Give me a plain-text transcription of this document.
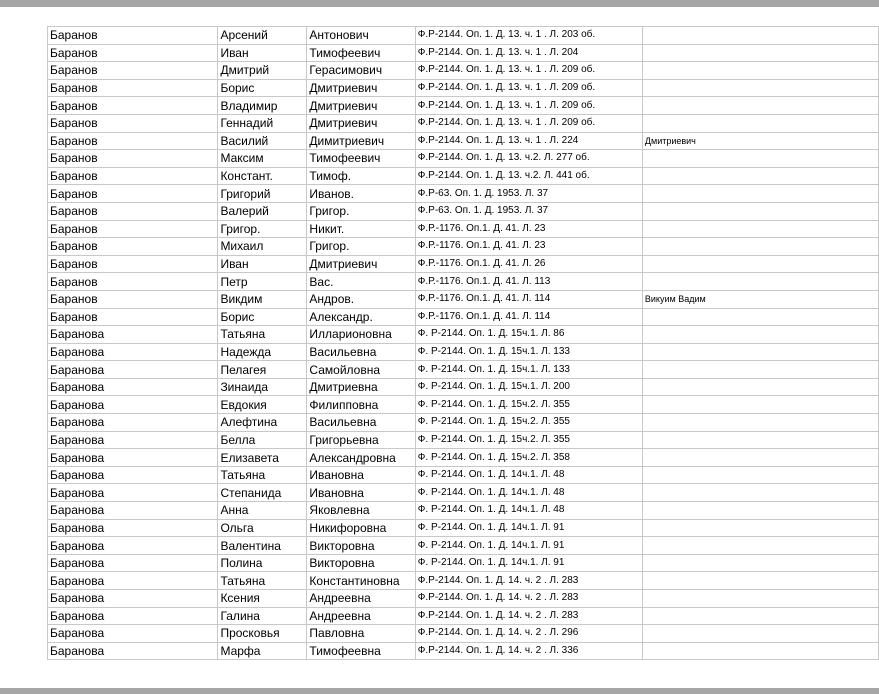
Баранов	Арсений	Антонович	Ф.Р-2144. Оп. 1. Д. 13. ч. 1 . Л. 203 об.	
Баранов	Иван	Тимофеевич	Ф.Р-2144. Оп. 1. Д. 13. ч. 1 . Л. 204	
Баранов	Дмитрий	Герасимович	Ф.Р-2144. Оп. 1. Д. 13. ч. 1 . Л. 209 об.	
Баранов	Борис	Дмитриевич	Ф.Р-2144. Оп. 1. Д. 13. ч. 1 . Л. 209 об.	
Баранов	Владимир	Дмитриевич	Ф.Р-2144. Оп. 1. Д. 13. ч. 1 . Л. 209 об.	
Баранов	Геннадий	Дмитриевич	Ф.Р-2144. Оп. 1. Д. 13. ч. 1 . Л. 209 об.	
Баранов	Василий	Димитриевич	Ф.Р-2144. Оп. 1. Д. 13. ч. 1 . Л. 224	Дмитриевич
Баранов	Максим	Тимофеевич	Ф.Р-2144. Оп. 1. Д. 13. ч.2. Л. 277 об.	
Баранов	Констант.	Тимоф.	Ф.Р-2144. Оп. 1. Д. 13. ч.2. Л. 441 об.	
Баранов	Григорий	Иванов.	Ф.Р-63. Оп. 1. Д. 1953. Л. 37	
Баранов	Валерий	Григор.	Ф.Р-63. Оп. 1. Д. 1953. Л. 37	
Баранов	Григор.	Никит.	Ф.Р.-1176. Оп.1. Д. 41. Л. 23	
Баранов	Михаил	Григор.	Ф.Р.-1176. Оп.1. Д. 41. Л. 23	
Баранов	Иван	Дмитриевич	Ф.Р.-1176. Оп.1. Д. 41. Л. 26	
Баранов	Петр	Вас.	Ф.Р.-1176. Оп.1. Д. 41. Л. 113	
Баранов	Викдим	Андров.	Ф.Р.-1176. Оп.1. Д. 41. Л. 114	Викуим Вадим
Баранов	Борис	Александр.	Ф.Р.-1176. Оп.1. Д. 41. Л. 114	
Баранова	Татьяна	Илларионовна	Ф. Р-2144. Оп. 1. Д. 15ч.1. Л. 86	
Баранова	Надежда	Васильевна	Ф. Р-2144. Оп. 1. Д. 15ч.1. Л. 133	
Баранова	Пелагея	Самойловна	Ф. Р-2144. Оп. 1. Д. 15ч.1. Л. 133	
Баранова	Зинаида	Дмитриевна	Ф. Р-2144. Оп. 1. Д. 15ч.1. Л. 200	
Баранова	Евдокия	Филипповна	Ф. Р-2144. Оп. 1. Д. 15ч.2. Л. 355	
Баранова	Алефтина	Васильевна	Ф. Р-2144. Оп. 1. Д. 15ч.2. Л. 355	
Баранова	Белла	Григорьевна	Ф. Р-2144. Оп. 1. Д. 15ч.2. Л. 355	
Баранова	Елизавета	Александровна	Ф. Р-2144. Оп. 1. Д. 15ч.2. Л. 358	
Баранова	Татьяна	Ивановна	Ф. Р-2144. Оп. 1. Д. 14ч.1. Л. 48	
Баранова	Степанида	Ивановна	Ф. Р-2144. Оп. 1. Д. 14ч.1. Л. 48	
Баранова	Анна	Яковлевна	Ф. Р-2144. Оп. 1. Д. 14ч.1. Л. 48	
Баранова	Ольга	Никифоровна	Ф. Р-2144. Оп. 1. Д. 14ч.1. Л. 91	
Баранова	Валентина	Викторовна	Ф. Р-2144. Оп. 1. Д. 14ч.1. Л. 91	
Баранова	Полина	Викторовна	Ф. Р-2144. Оп. 1. Д. 14ч.1. Л. 91	
Баранова	Татьяна	Константиновна	Ф.Р-2144. Оп. 1. Д. 14. ч. 2 . Л. 283	
Баранова	Ксения	Андреевна	Ф.Р-2144. Оп. 1. Д. 14. ч. 2 . Л. 283	
Баранова	Галина	Андреевна	Ф.Р-2144. Оп. 1. Д. 14. ч. 2 . Л. 283	
Баранова	Просковья	Павловна	Ф.Р-2144. Оп. 1. Д. 14. ч. 2 . Л. 296	
Баранова	Марфа	Тимофеевна	Ф.Р-2144. Оп. 1. Д. 14. ч. 2 . Л. 336	
